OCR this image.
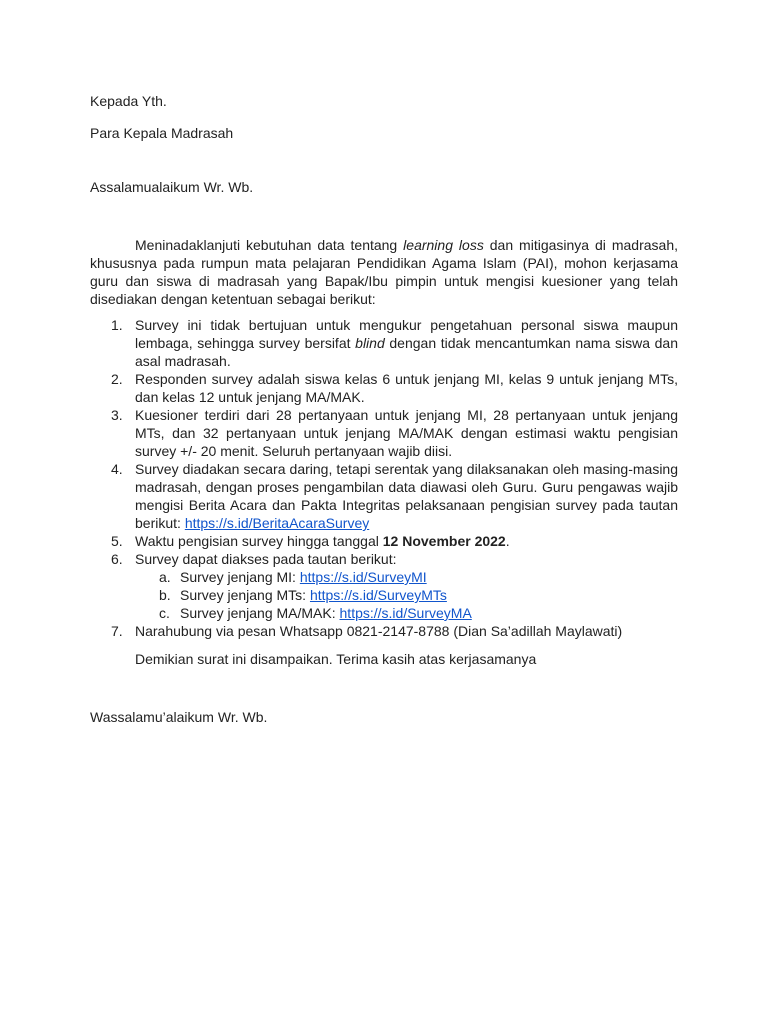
Kepada Yth.

Para Kepala Madrasah

Assalamualaikum Wr. Wb.

Meninadaklanjuti kebutuhan data tentang learning loss dan mitigasinya di madrasah, khususnya pada rumpun mata pelajaran Pendidikan Agama Islam (PAI), mohon kerjasama guru dan siswa di madrasah yang Bapak/Ibu pimpin untuk mengisi kuesioner yang telah disediakan dengan ketentuan sebagai berikut:

1. Survey ini tidak bertujuan untuk mengukur pengetahuan personal siswa maupun lembaga, sehingga survey bersifat blind dengan tidak mencantumkan nama siswa dan asal madrasah.
2. Responden survey adalah siswa kelas 6 untuk jenjang MI, kelas 9 untuk jenjang MTs, dan kelas 12 untuk jenjang MA/MAK.
3. Kuesioner terdiri dari 28 pertanyaan untuk jenjang MI, 28 pertanyaan untuk jenjang MTs, dan 32 pertanyaan untuk jenjang MA/MAK dengan estimasi waktu pengisian survey +/- 20 menit. Seluruh pertanyaan wajib diisi.
4. Survey diadakan secara daring, tetapi serentak yang dilaksanakan oleh masing-masing madrasah, dengan proses pengambilan data diawasi oleh Guru. Guru pengawas wajib mengisi Berita Acara dan Pakta Integritas pelaksanaan pengisian survey pada tautan berikut: https://s.id/BeritaAcaraSurvey
5. Waktu pengisian survey hingga tanggal 12 November 2022.
6. Survey dapat diakses pada tautan berikut:
a. Survey jenjang MI: https://s.id/SurveyMI
b. Survey jenjang MTs: https://s.id/SurveyMTs
c. Survey jenjang MA/MAK: https://s.id/SurveyMA
7. Narahubung via pesan Whatsapp 0821-2147-8788 (Dian Sa’adillah Maylawati)

Demikian surat ini disampaikan. Terima kasih atas kerjasamanya

Wassalamu’alaikum Wr. Wb.
